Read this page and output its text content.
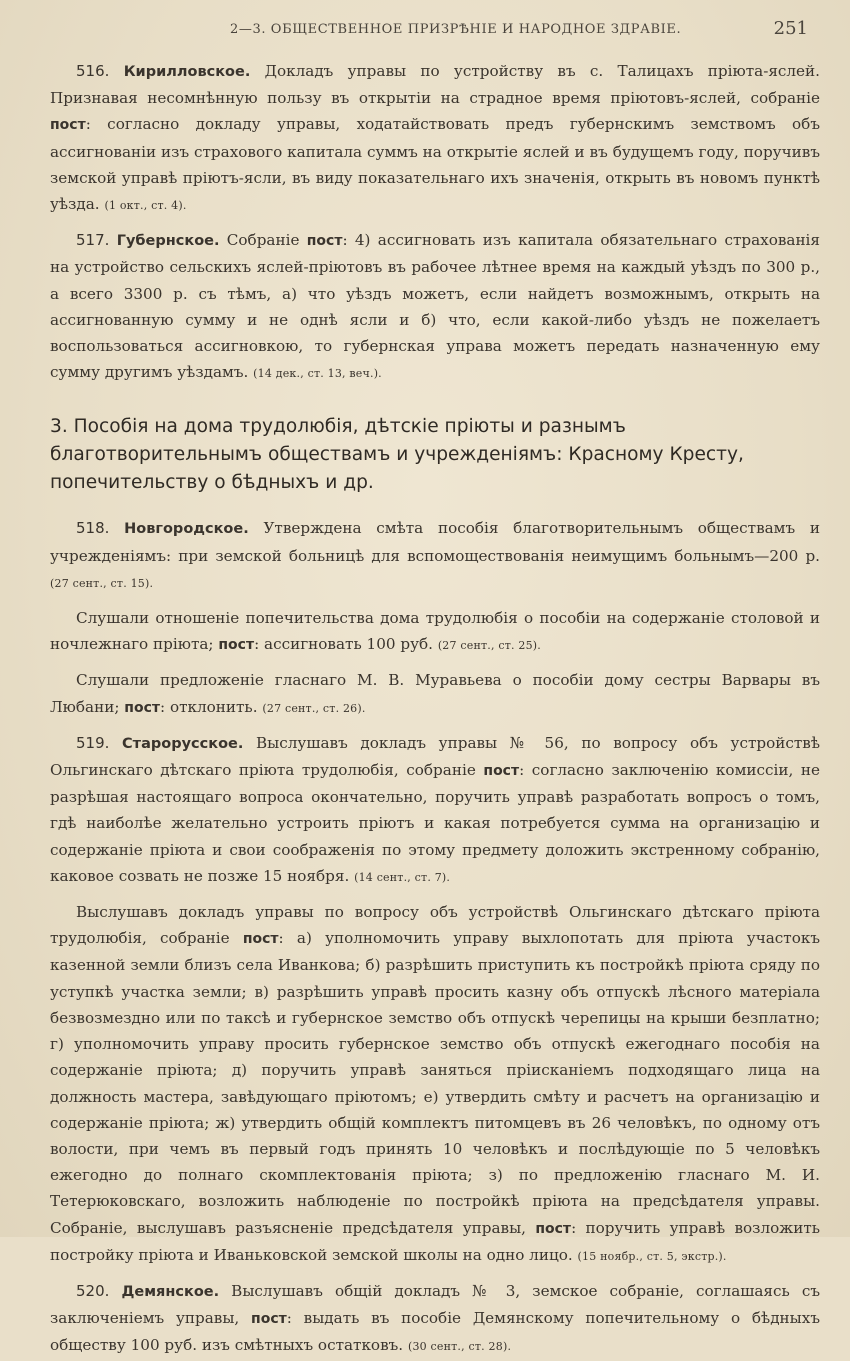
2—3. ОБЩЕСТВЕННОЕ ПРИЗРѢНІЕ И НАРОДНОЕ ЗДРАВІЕ.	251

516. Кирилловское. Докладъ управы по устройству въ с. Талицахъ пріюта-яслей. Признавая несомнѣнную пользу въ открытіи на страдное время пріютовъ-яслей, собраніе пост: согласно докладу управы, ходатайствовать предъ губернскимъ земствомъ объ ассигнованіи изъ страхового капитала суммъ на открытіе яслей и въ будущемъ году, поручивъ земской управѣ пріютъ-ясли, въ виду показательнаго ихъ значенія, открыть въ новомъ пунктѣ уѣзда. (1 окт., ст. 4).

517. Губернское. Собраніе пост: 4) ассигновать изъ капитала обязательнаго страхованія на устройство сельскихъ яслей-пріютовъ въ рабочее лѣтнее время на каждый уѣздъ по 300 р., а всего 3300 р. съ тѣмъ, а) что уѣздъ можетъ, если найдетъ возможнымъ, открыть на ассигнованную сумму и не однѣ ясли и б) что, если какой-либо уѣздъ не пожелаетъ воспользоваться ассигновкою, то губернская управа можетъ передать назначенную ему сумму другимъ уѣздамъ. (14 дек., ст. 13, веч.).

3. Пособія на дома трудолюбія, дѣтскіе пріюты и разнымъ благотворительнымъ обществамъ и учрежденіямъ: Красному Кресту, попечительству о бѣдныхъ и др.

518. Новгородское. Утверждена смѣта пособія благотворительнымъ обществамъ и учрежденіямъ: при земской больницѣ для вспомоществованія неимущимъ больнымъ—200 р. (27 сент., ст. 15).

Слушали отношеніе попечительства дома трудолюбія о пособіи на содержаніе столовой и ночлежнаго пріюта; пост: ассигновать 100 руб. (27 сент., ст. 25).

Слушали предложеніе гласнаго М. В. Муравьева о пособіи дому сестры Варвары въ Любани; пост: отклонить. (27 сент., ст. 26).

519. Старорусское. Выслушавъ докладъ управы № 56, по вопросу объ устройствѣ Ольгинскаго дѣтскаго пріюта трудолюбія, собраніе пост: согласно заключенію комиссіи, не разрѣшая настоящаго вопроса окончательно, поручить управѣ разработать вопросъ о томъ, гдѣ наиболѣе желательно устроить пріютъ и какая потребуется сумма на организацію и содержаніе пріюта и свои соображенія по этому предмету доложить экстренному собранію, каковое созвать не позже 15 ноября. (14 сент., ст. 7).

Выслушавъ докладъ управы по вопросу объ устройствѣ Ольгинскаго дѣтскаго пріюта трудолюбія, собраніе пост: а) уполномочить управу выхлопотать для пріюта участокъ казенной земли близъ села Иванкова; б) разрѣшить приступить къ постройкѣ пріюта сряду по уступкѣ участка земли; в) разрѣшить управѣ просить казну объ отпускѣ лѣсного матеріала безвозмездно или по таксѣ и губернское земство объ отпускѣ черепицы на крыши безплатно; г) уполномочить управу просить губернское земство объ отпускѣ ежегоднаго пособія на содержаніе пріюта; д) поручить управѣ заняться пріисканіемъ подходящаго лица на должность мастера, завѣдующаго пріютомъ; е) утвердить смѣту и расчетъ на организацію и содержаніе пріюта; ж) утвердить общій комплектъ питомцевъ въ 26 человѣкъ, по одному отъ волости, при чемъ въ первый годъ принять 10 человѣкъ и послѣдующіе по 5 человѣкъ ежегодно до полнаго скомплектованія пріюта; з) по предложенію гласнаго М. И. Тетерюковскаго, возложить наблюденіе по постройкѣ пріюта на предсѣдателя управы. Собраніе, выслушавъ разъясненіе предсѣдателя управы, пост: поручить управѣ возложить постройку пріюта и Иваньковской земской школы на одно лицо. (15 ноябр., ст. 5, экстр.).

520. Демянское. Выслушавъ общій докладъ № 3, земское собраніе, соглашаясь съ заключеніемъ управы, пост: выдать въ пособіе Демянскому попечительному о бѣдныхъ обществу 100 руб. изъ смѣтныхъ остатковъ. (30 сент., ст. 28).
